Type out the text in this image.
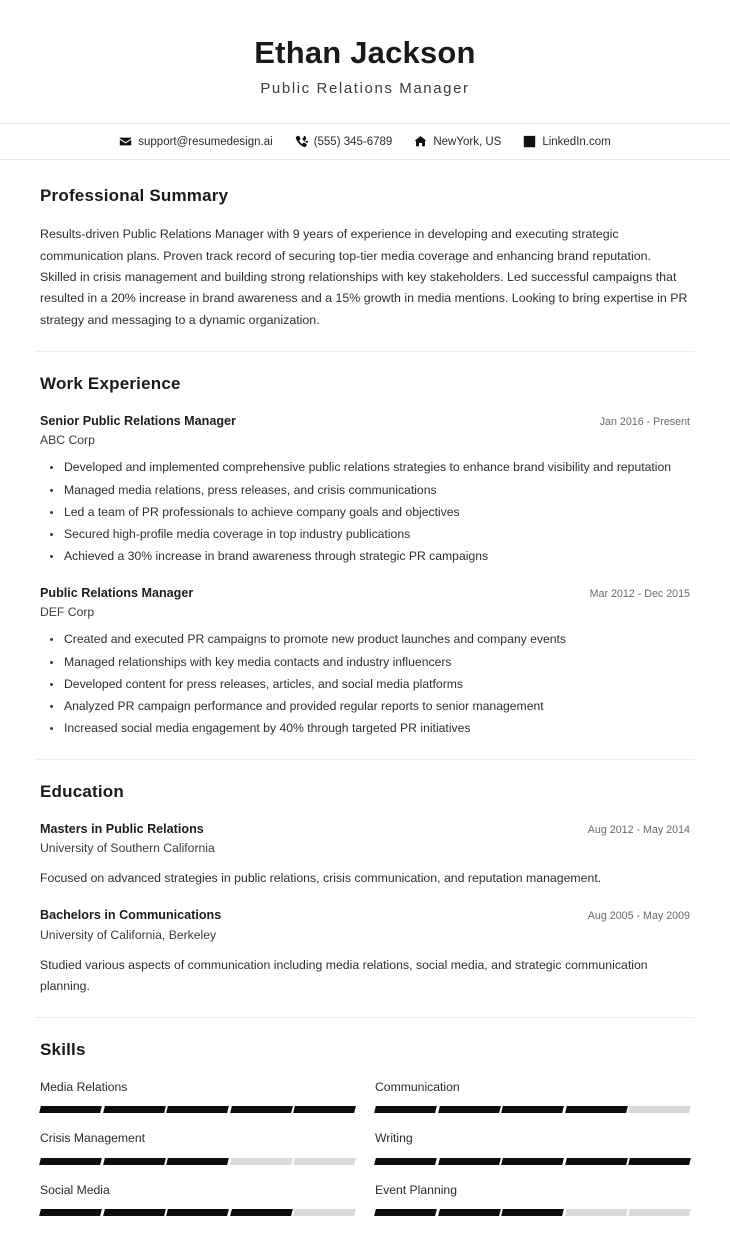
Ethan Jackson
Public Relations Manager
support@resumedesign.ai	(555) 345-6789	NewYork, US	LinkedIn.com
Professional Summary
Results-driven Public Relations Manager with 9 years of experience in developing and executing strategic communication plans. Proven track record of securing top-tier media coverage and enhancing brand reputation. Skilled in crisis management and building strong relationships with key stakeholders. Led successful campaigns that resulted in a 20% increase in brand awareness and a 15% growth in media mentions. Looking to bring expertise in PR strategy and messaging to a dynamic organization.
Work Experience
Senior Public Relations Manager	Jan 2016 - Present
ABC Corp
Developed and implemented comprehensive public relations strategies to enhance brand visibility and reputation
Managed media relations, press releases, and crisis communications
Led a team of PR professionals to achieve company goals and objectives
Secured high-profile media coverage in top industry publications
Achieved a 30% increase in brand awareness through strategic PR campaigns
Public Relations Manager	Mar 2012 - Dec 2015
DEF Corp
Created and executed PR campaigns to promote new product launches and company events
Managed relationships with key media contacts and industry influencers
Developed content for press releases, articles, and social media platforms
Analyzed PR campaign performance and provided regular reports to senior management
Increased social media engagement by 40% through targeted PR initiatives
Education
Masters in Public Relations	Aug 2012 - May 2014
University of Southern California
Focused on advanced strategies in public relations, crisis communication, and reputation management.
Bachelors in Communications	Aug 2005 - May 2009
University of California, Berkeley
Studied various aspects of communication including media relations, social media, and strategic communication planning.
Skills
Media Relations	Communication
Crisis Management	Writing
Social Media	Event Planning
